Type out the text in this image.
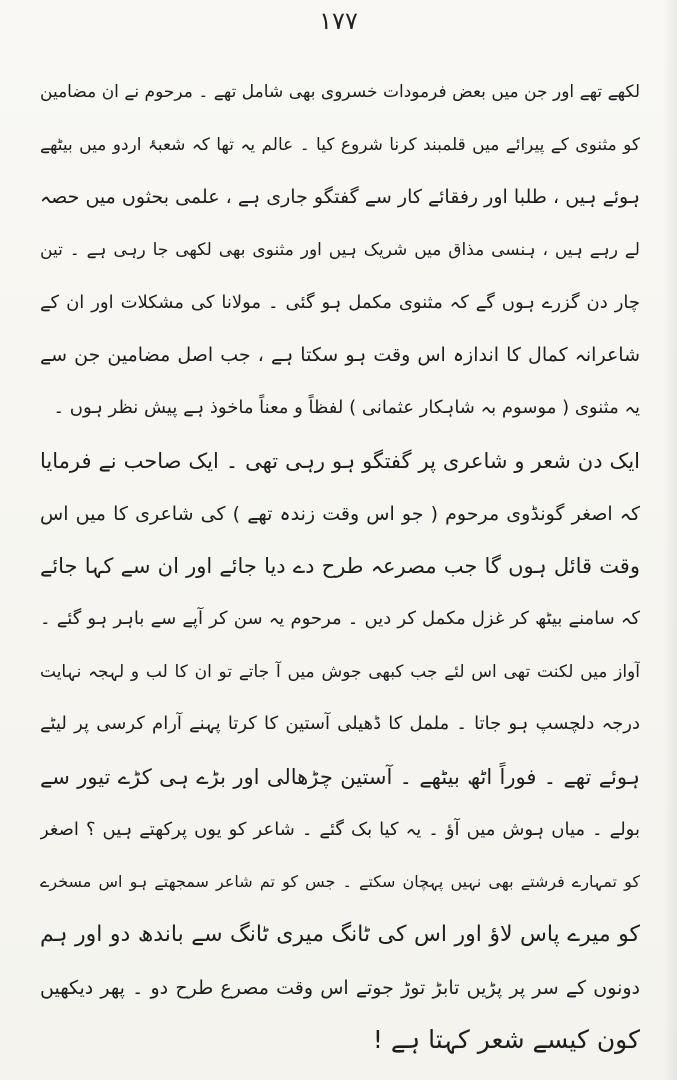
۱۷۷
لکھے تھے اور جن میں بعض فرمودات خسروی بھی شامل تھے ۔ مرحوم نے ان مضامین
کو مثنوی کے پیرائے میں قلمبند کرنا شروع کیا ۔ عالم یہ تھا کہ شعبۂ اردو میں بیٹھے
ہوئے ہیں ، طلبا اور رفقائے کار سے گفتگو جاری ہے ، علمی بحثوں میں حصہ
لے رہے ہیں ، ہنسی مذاق میں شریک ہیں اور مثنوی بھی لکھی جا رہی ہے ۔ تین
چار دن گزرے ہوں گے کہ مثنوی مکمل ہو گئی ۔ مولانا کی مشکلات اور ان کے
شاعرانہ کمال کا اندازہ اس وقت ہو سکتا ہے ، جب اصل مضامین جن سے
یہ مثنوی ( موسوم بہ شاہکار عثمانی ) لفظاً و معناً ماخوذ ہے پیش نظر ہوں ۔
ایک دن شعر و شاعری پر گفتگو ہو رہی تھی ۔ ایک صاحب نے فرمایا
کہ اصغر گونڈوی مرحوم ( جو اس وقت زندہ تھے ) کی شاعری کا میں اس
وقت قائل ہوں گا جب مصرعہ طرح دے دیا جائے اور ان سے کہا جائے
کہ سامنے بیٹھ کر غزل مکمل کر دیں ۔ مرحوم یہ سن کر آپے سے باہر ہو گئے ۔
آواز میں لکنت تھی اس لئے جب کبھی جوش میں آ جاتے تو ان کا لب و لہجہ نہایت
درجہ دلچسپ ہو جاتا ۔ ململ کا ڈھیلی آستین کا کرتا پہنے آرام کرسی پر لیٹے
ہوئے تھے ۔ فوراً اٹھ بیٹھے ۔ آستین چڑھالی اور بڑے ہی کڑے تیور سے
بولے ۔ میاں ہوش میں آؤ ۔ یہ کیا بک گئے ۔ شاعر کو یوں پرکھتے ہیں ؟ اصغر
کو تمہارے فرشتے بھی نہیں پہچان سکتے ۔ جس کو تم شاعر سمجھتے ہو اس مسخرے
کو میرے پاس لاؤ اور اس کی ٹانگ میری ٹانگ سے باندھ دو اور ہم
دونوں کے سر پر پڑیں تابڑ توڑ جوتے اس وقت مصرع طرح دو ۔ پھر دیکھیں
کون کیسے شعر کہتا ہے !
